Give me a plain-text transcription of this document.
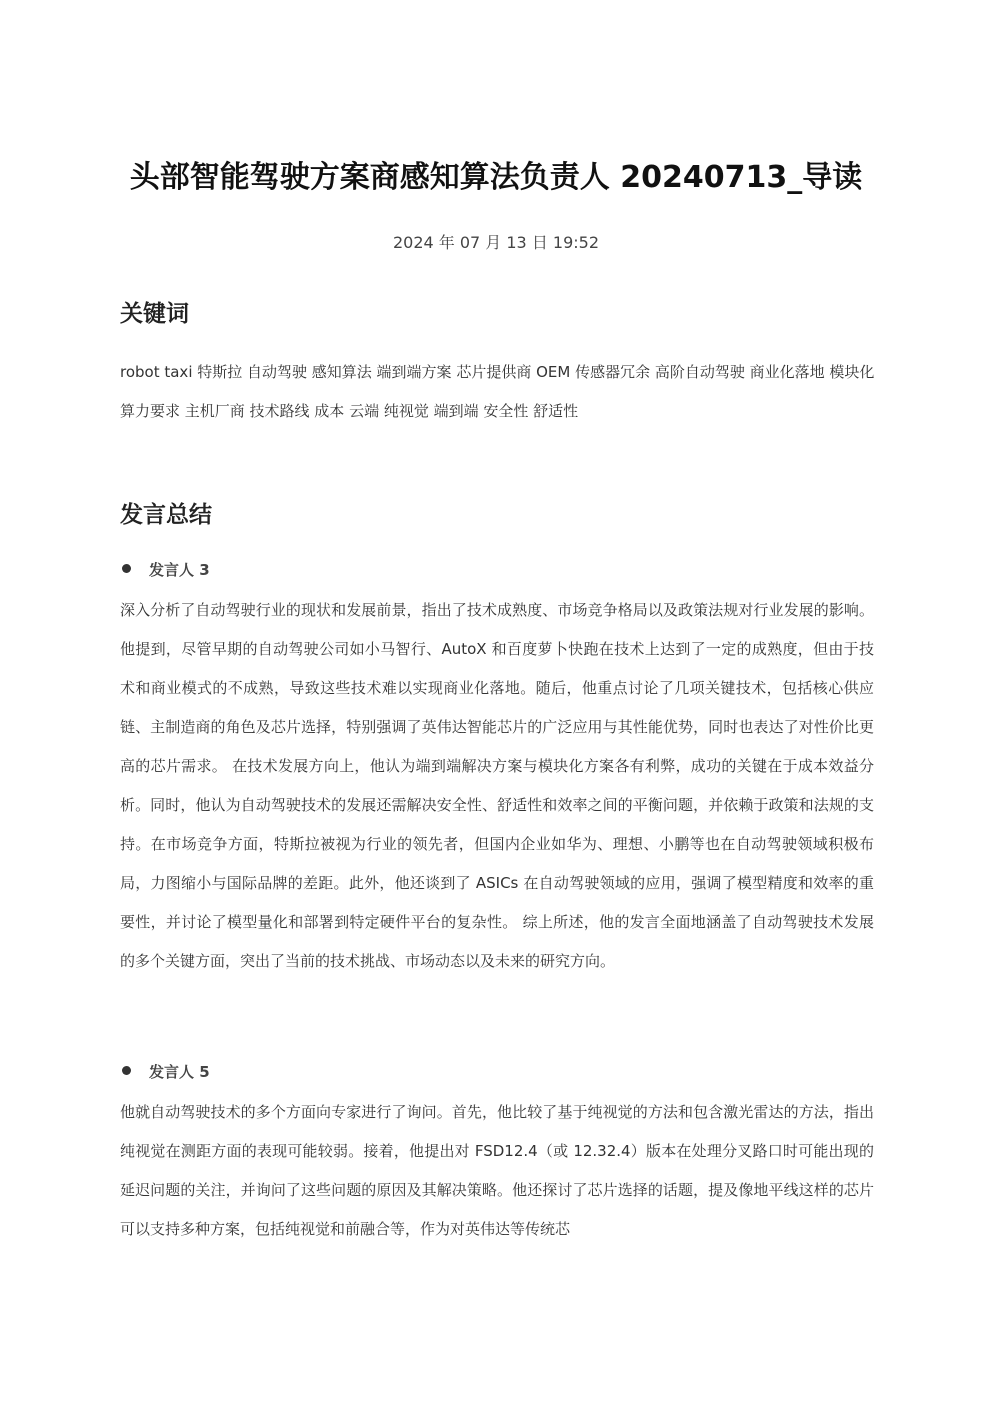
头部智能驾驶方案商感知算法负责人 20240713_导读
2024 年 07 月 13 日 19:52
关键词
robot taxi 特斯拉 自动驾驶 感知算法 端到端方案 芯片提供商 OEM 传感器冗余 高阶自动驾驶 商业化落地 模块化 算力要求 主机厂商 技术路线 成本 云端 纯视觉 端到端 安全性 舒适性
发言总结
发言人 3
深入分析了自动驾驶行业的现状和发展前景，指出了技术成熟度、市场竞争格局以及政策法规对行业发展的影响。他提到，尽管早期的自动驾驶公司如小马智行、AutoX 和百度萝卜快跑在技术上达到了一定的成熟度，但由于技术和商业模式的不成熟，导致这些技术难以实现商业化落地。随后，他重点讨论了几项关键技术，包括核心供应链、主制造商的角色及芯片选择，特别强调了英伟达智能芯片的广泛应用与其性能优势，同时也表达了对性价比更高的芯片需求。 在技术发展方向上，他认为端到端解决方案与模块化方案各有利弊，成功的关键在于成本效益分析。同时，他认为自动驾驶技术的发展还需解决安全性、舒适性和效率之间的平衡问题，并依赖于政策和法规的支持。在市场竞争方面，特斯拉被视为行业的领先者，但国内企业如华为、理想、小鹏等也在自动驾驶领域积极布局，力图缩小与国际品牌的差距。此外，他还谈到了 ASICs 在自动驾驶领域的应用，强调了模型精度和效率的重要性，并讨论了模型量化和部署到特定硬件平台的复杂性。 综上所述，他的发言全面地涵盖了自动驾驶技术发展的多个关键方面，突出了当前的技术挑战、市场动态以及未来的研究方向。
发言人 5
他就自动驾驶技术的多个方面向专家进行了询问。首先，他比较了基于纯视觉的方法和包含激光雷达的方法，指出纯视觉在测距方面的表现可能较弱。接着，他提出对 FSD12.4（或 12.32.4）版本在处理分叉路口时可能出现的延迟问题的关注，并询问了这些问题的原因及其解决策略。他还探讨了芯片选择的话题，提及像地平线这样的芯片可以支持多种方案，包括纯视觉和前融合等，作为对英伟达等传统芯
